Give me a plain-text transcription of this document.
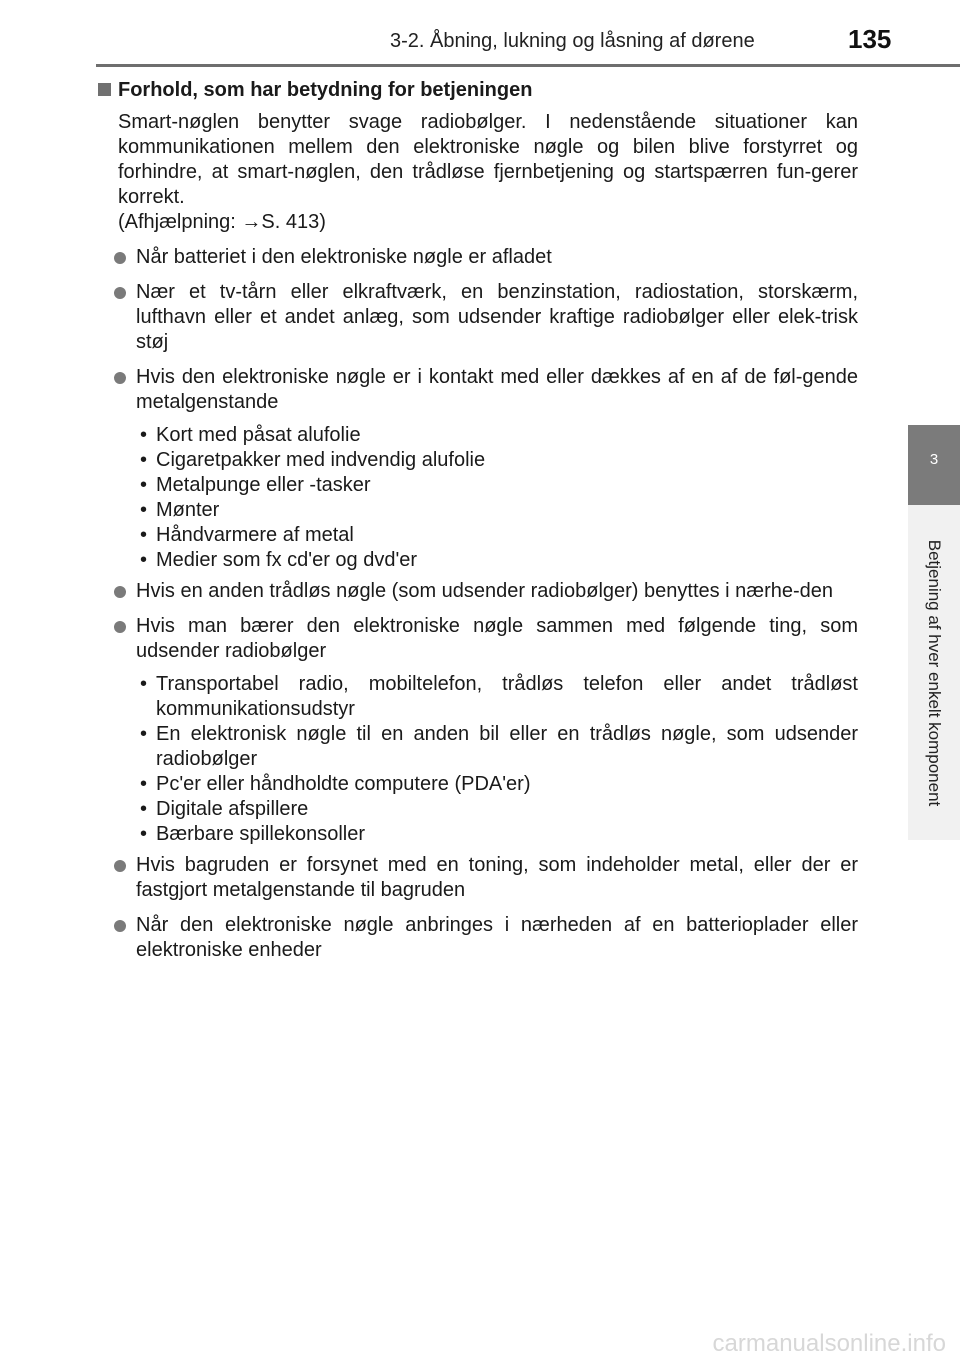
3-2. Åbning, lukning og låsning af dørene	135
3
Betjening af hver enkelt komponent
Forhold, som har betydning for betjeningen
Smart-nøglen benytter svage radiobølger. I nedenstående situationer kan kommunikationen mellem den elektroniske nøgle og bilen blive forstyrret og forhindre, at smart-nøglen, den trådløse fjernbetjening og startspærren fun-gerer korrekt.
(Afhjælpning: →S. 413)
Når batteriet i den elektroniske nøgle er afladet
Nær et tv-tårn eller elkraftværk, en benzinstation, radiostation, storskærm, lufthavn eller et andet anlæg, som udsender kraftige radiobølger eller elek-trisk støj
Hvis den elektroniske nøgle er i kontakt med eller dækkes af en af de føl-gende metalgenstande
• Kort med påsat alufolie
• Cigaretpakker med indvendig alufolie
• Metalpunge eller -tasker
• Mønter
• Håndvarmere af metal
• Medier som fx cd'er og dvd'er
Hvis en anden trådløs nøgle (som udsender radiobølger) benyttes i nærhe-den
Hvis man bærer den elektroniske nøgle sammen med følgende ting, som udsender radiobølger
• Transportabel radio, mobiltelefon, trådløs telefon eller andet trådløst kommunikationsudstyr
• En elektronisk nøgle til en anden bil eller en trådløs nøgle, som udsender radiobølger
• Pc'er eller håndholdte computere (PDA'er)
• Digitale afspillere
• Bærbare spillekonsoller
Hvis bagruden er forsynet med en toning, som indeholder metal, eller der er fastgjort metalgenstande til bagruden
Når den elektroniske nøgle anbringes i nærheden af en batterioplader eller elektroniske enheder
carmanualsonline.info
